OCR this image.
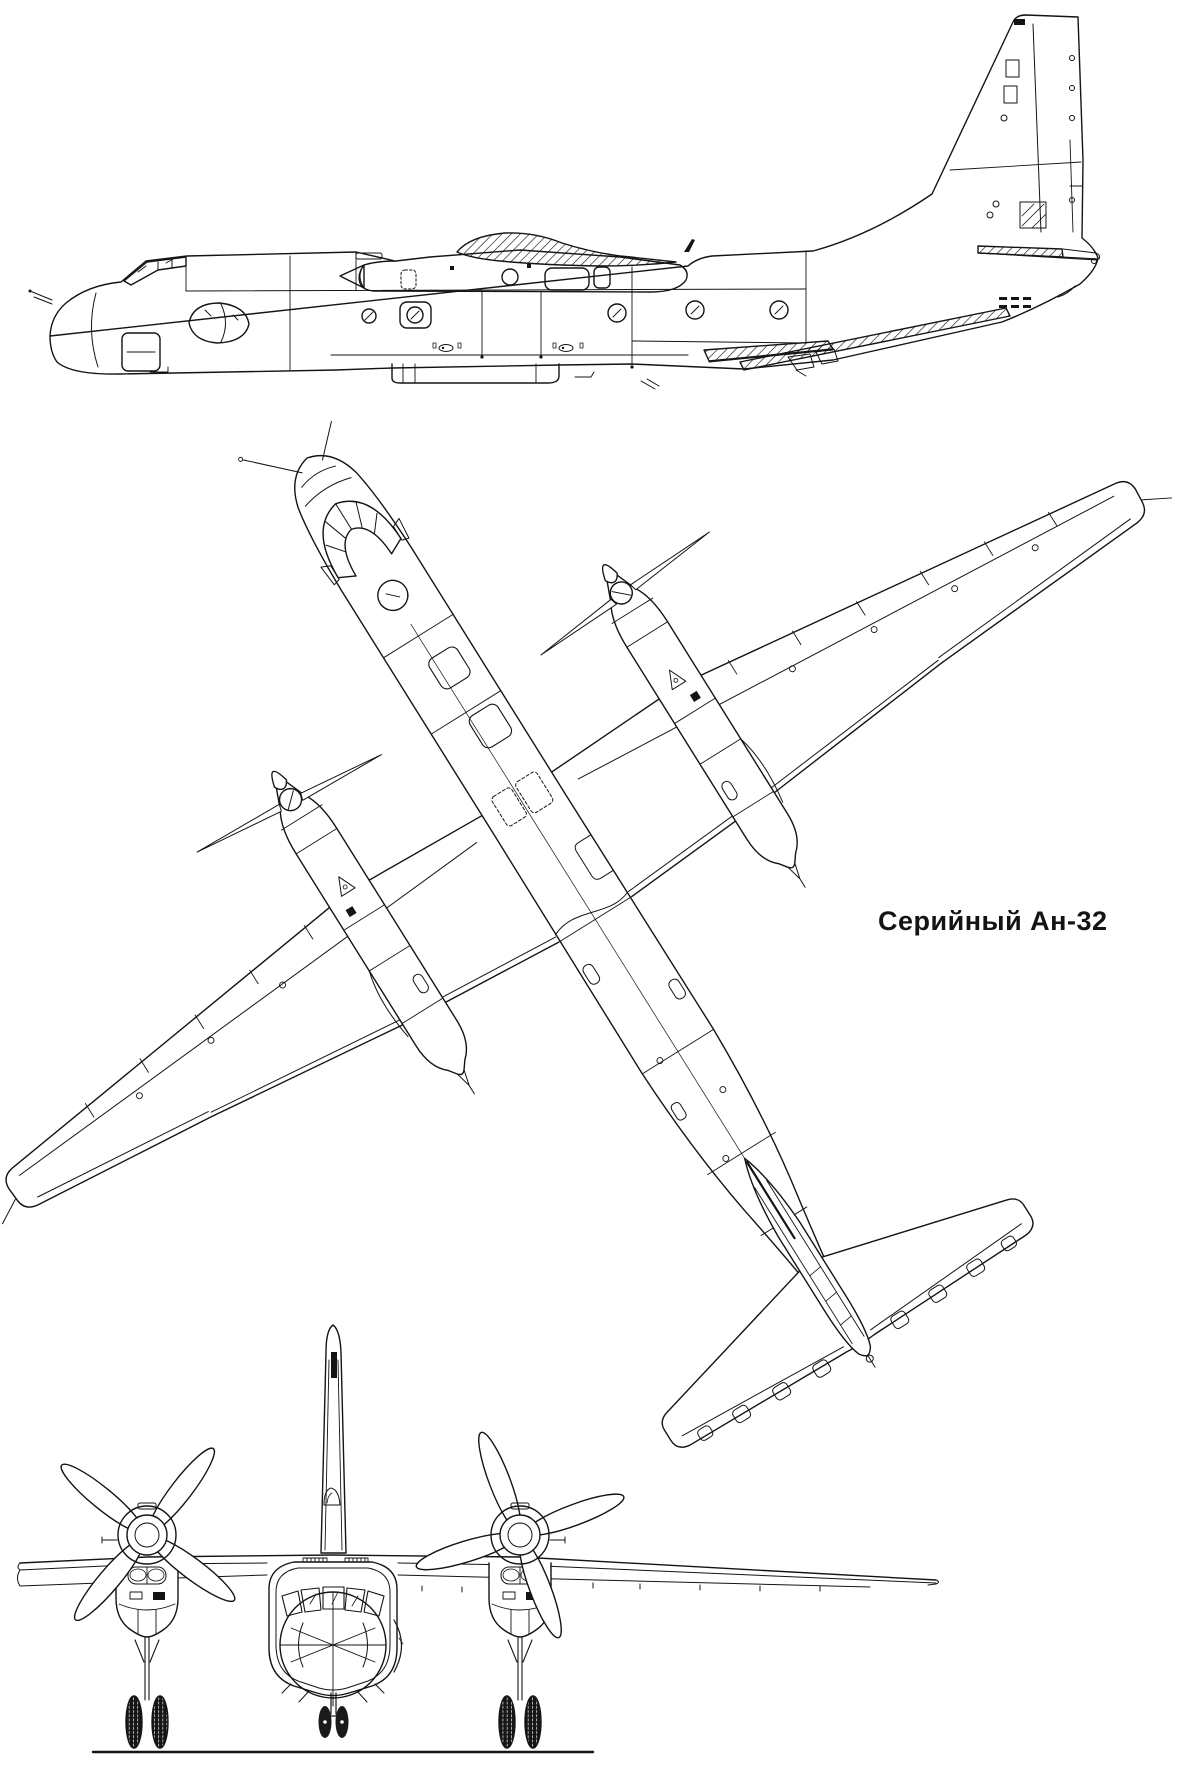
Серийный Ан-32
